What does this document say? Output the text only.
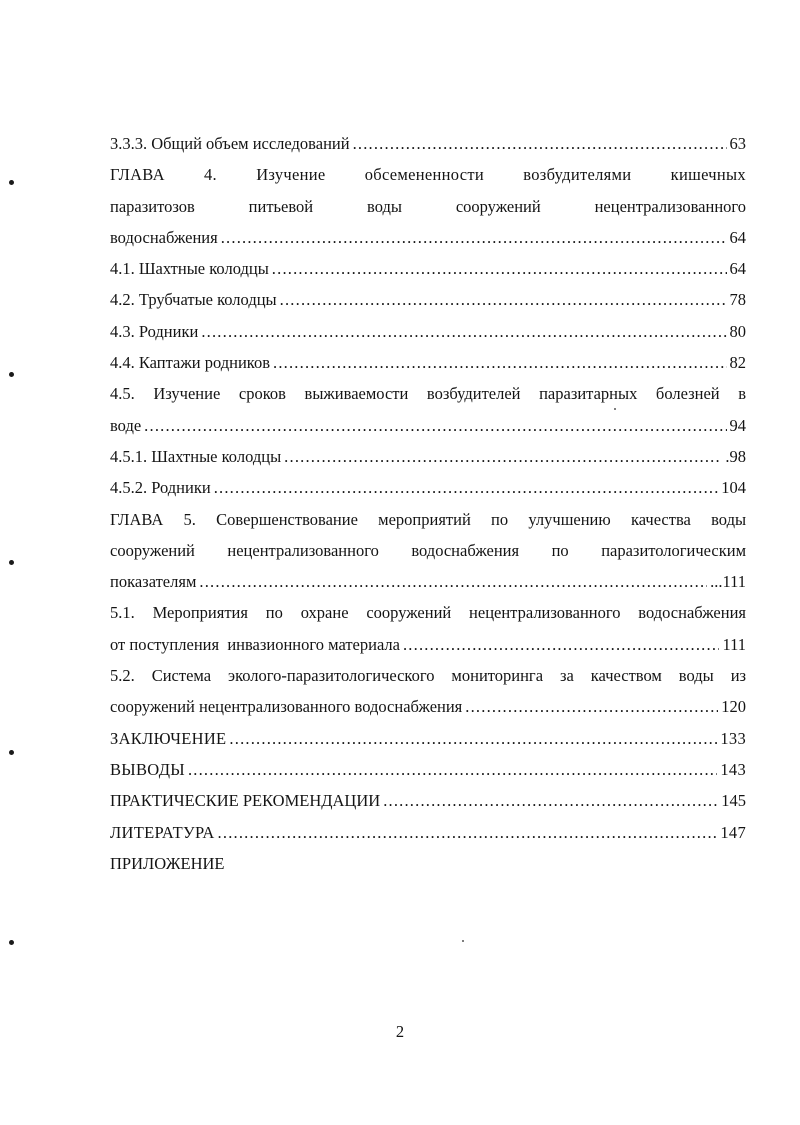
3.3.3. Общий объем исследований .....	63
ГЛАВА 4. Изучение обсемененности возбудителями кишечных
паразитозов	питьевой	воды	сооружений	нецентрализованного
водоснабжения .....	64
4.1. Шахтные колодцы .....	64
4.2. Трубчатые колодцы .....	78
4.3. Родники .....	80
4.4. Каптажи родников .....	82
4.5. Изучение сроков выживаемости возбудителей паразитарных болезней в
воде .....	94
4.5.1. Шахтные колодцы .....	.98
4.5.2. Родники .....	104
ГЛАВА 5. Совершенствование мероприятий по улучшению качества воды
сооружений нецентрализованного водоснабжения по паразитологическим
показателям .....	...111
5.1. Мероприятия по охране сооружений нецентрализованного водоснабжения
от поступления  инвазионного материала .....	111
5.2. Система эколого-паразитологического мониторинга за качеством воды из
сооружений нецентрализованного водоснабжения .....	120
ЗАКЛЮЧЕНИЕ .....	133
ВЫВОДЫ .....	143
ПРАКТИЧЕСКИЕ РЕКОМЕНДАЦИИ .....	145
ЛИТЕРАТУРА .....	147
ПРИЛОЖЕНИЕ
2
